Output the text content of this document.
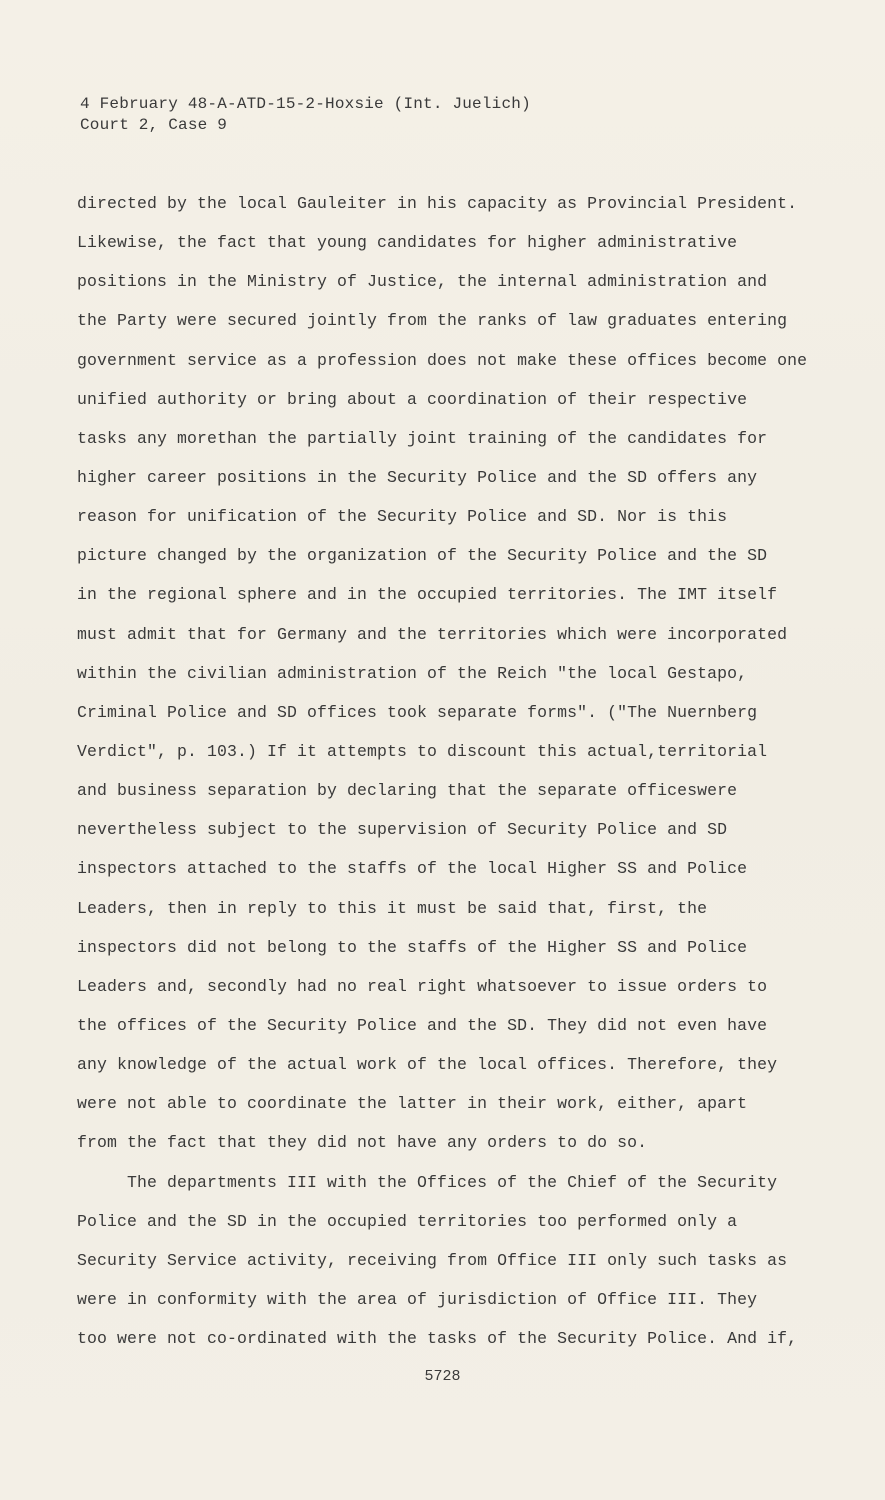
4 February 48-A-ATD-15-2-Hoxsie (Int. Juelich)
Court 2, Case 9
directed by the local Gauleiter in his capacity as Provincial President.
Likewise, the fact that young candidates for higher administrative
positions in the Ministry of Justice, the internal administration and
the Party were secured jointly from the ranks of law graduates entering
government service as a profession does not make these offices become one
unified authority or bring about a coordination of their respective
tasks any morethan the partially joint training of the candidates for
higher career positions in the Security Police and the SD offers any
reason for unification of the Security Police and SD. Nor is this
picture changed by the organization of the Security Police and the SD
in the regional sphere and in the occupied territories. The IMT itself
must admit that for Germany and the territories which were incorporated
within the civilian administration of the Reich "the local Gestapo,
Criminal Police and SD offices took separate forms". ("The Nuernberg
Verdict", p. 103.) If it attempts to discount this actual,territorial
and business separation by declaring that the separate officeswere
nevertheless subject to the supervision of Security Police and SD
inspectors attached to the staffs of the local Higher SS and Police
Leaders, then in reply to this it must be said that, first, the
inspectors did not belong to the staffs of the Higher SS and Police
Leaders and, secondly had no real right whatsoever to issue orders to
the offices of the Security Police and the SD. They did not even have
any knowledge of the actual work of the local offices. Therefore, they
were not able to coordinate the latter in their work, either, apart
from the fact that they did not have any orders to do so.
The departments III with the Offices of the Chief of the Security
Police and the SD in the occupied territories too performed only a
Security Service activity, receiving from Office III only such tasks as
were in conformity with the area of jurisdiction of Office III. They
too were not co-ordinated with the tasks of the Security Police. And if,
5728
